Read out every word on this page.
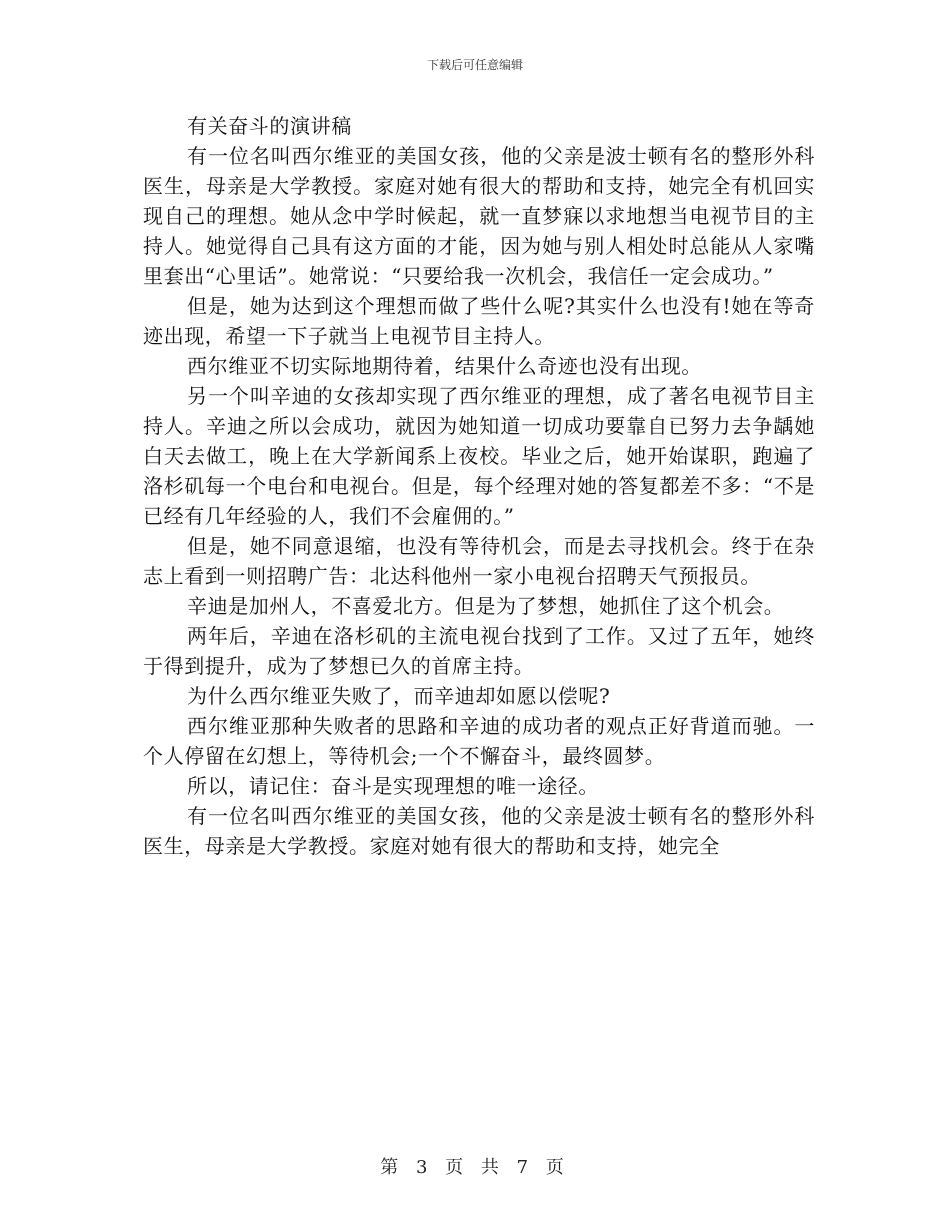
下载后可任意编辑

有关奋斗的演讲稿

有一位名叫西尔维亚的美国女孩，他的父亲是波士顿有名的整形外科医生，母亲是大学教授。家庭对她有很大的帮助和支持，她完全有机回实现自己的理想。她从念中学时候起，就一直梦寐以求地想当电视节目的主持人。她觉得自己具有这方面的才能，因为她与别人相处时总能从人家嘴里套出“心里话”。她常说：“只要给我一次机会，我信任一定会成功。”

但是，她为达到这个理想而做了些什么呢?其实什么也没有!她在等奇迹出现，希望一下子就当上电视节目主持人。

西尔维亚不切实际地期待着，结果什么奇迹也没有出现。

另一个叫辛迪的女孩却实现了西尔维亚的理想，成了著名电视节目主持人。辛迪之所以会成功，就因为她知道一切成功要靠自已努力去争龋她白天去做工，晚上在大学新闻系上夜校。毕业之后，她开始谋职，跑遍了洛杉矶每一个电台和电视台。但是，每个经理对她的答复都差不多：“不是已经有几年经验的人，我们不会雇佣的。”

但是，她不同意退缩，也没有等待机会，而是去寻找机会。终于在杂志上看到一则招聘广告：北达科他州一家小电视台招聘天气预报员。

辛迪是加州人，不喜爱北方。但是为了梦想，她抓住了这个机会。

两年后，辛迪在洛杉矶的主流电视台找到了工作。又过了五年，她终于得到提升，成为了梦想已久的首席主持。

为什么西尔维亚失败了，而辛迪却如愿以偿呢?

西尔维亚那种失败者的思路和辛迪的成功者的观点正好背道而驰。一个人停留在幻想上，等待机会;一个不懈奋斗，最终圆梦。

所以，请记住：奋斗是实现理想的唯一途径。

有一位名叫西尔维亚的美国女孩，他的父亲是波士顿有名的整形外科医生，母亲是大学教授。家庭对她有很大的帮助和支持，她完全

第 3 页 共 7 页
